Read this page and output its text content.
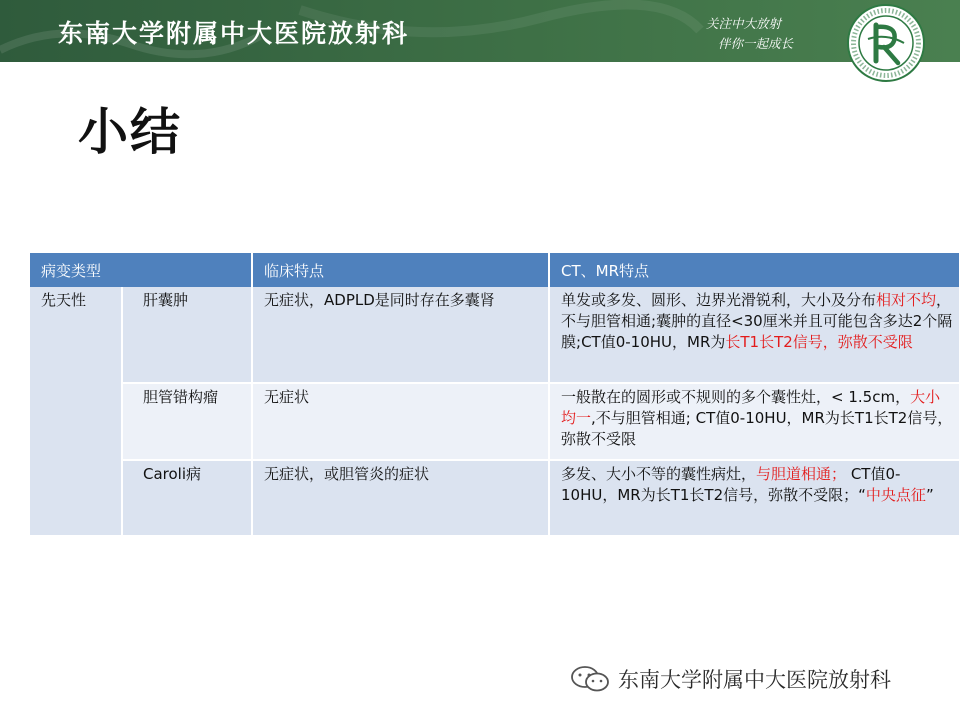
东南大学附属中大医院放射科	关注中大放射
伴你一起成长
小结
病变类型		临床特点	CT、MR特点
先天性	肝囊肿	无症状，ADPLD是同时存在多囊肾	单发或多发、圆形、边界光滑锐利，大小及分布相对不均，不与胆管相通;囊肿的直径<30厘米并且可能包含多达2个隔膜;CT值0-10HU，MR为长T1长T2信号，弥散不受限
	胆管错构瘤	无症状	一般散在的圆形或不规则的多个囊性灶，< 1.5cm，大小均一,不与胆管相通; CT值0-10HU，MR为长T1长T2信号，弥散不受限
	Caroli病	无症状，或胆管炎的症状	多发、大小不等的囊性病灶，与胆道相通； CT值0-10HU，MR为长T1长T2信号，弥散不受限；“中央点征”
东南大学附属中大医院放射科
